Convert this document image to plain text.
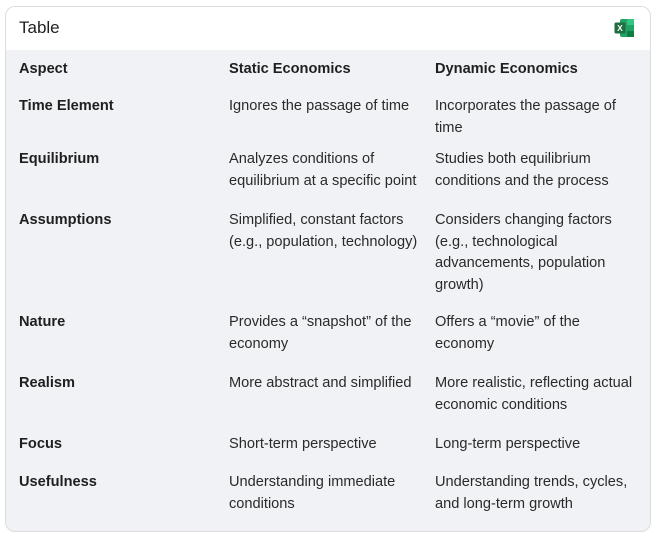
Table	X
Aspect	Static Economics	Dynamic Economics
Time Element	Ignores the passage of time	Incorporates the passage of time
Equilibrium	Analyzes conditions of equilibrium at a specific point	Studies both equilibrium conditions and the process
Assumptions	Simplified, constant factors (e.g., population, technology)	Considers changing factors (e.g., technological advancements, population growth)
Nature	Provides a “snapshot” of the economy	Offers a “movie” of the economy
Realism	More abstract and simplified	More realistic, reflecting actual economic conditions
Focus	Short-term perspective	Long-term perspective
Usefulness	Understanding immediate conditions	Understanding trends, cycles, and long-term growth
